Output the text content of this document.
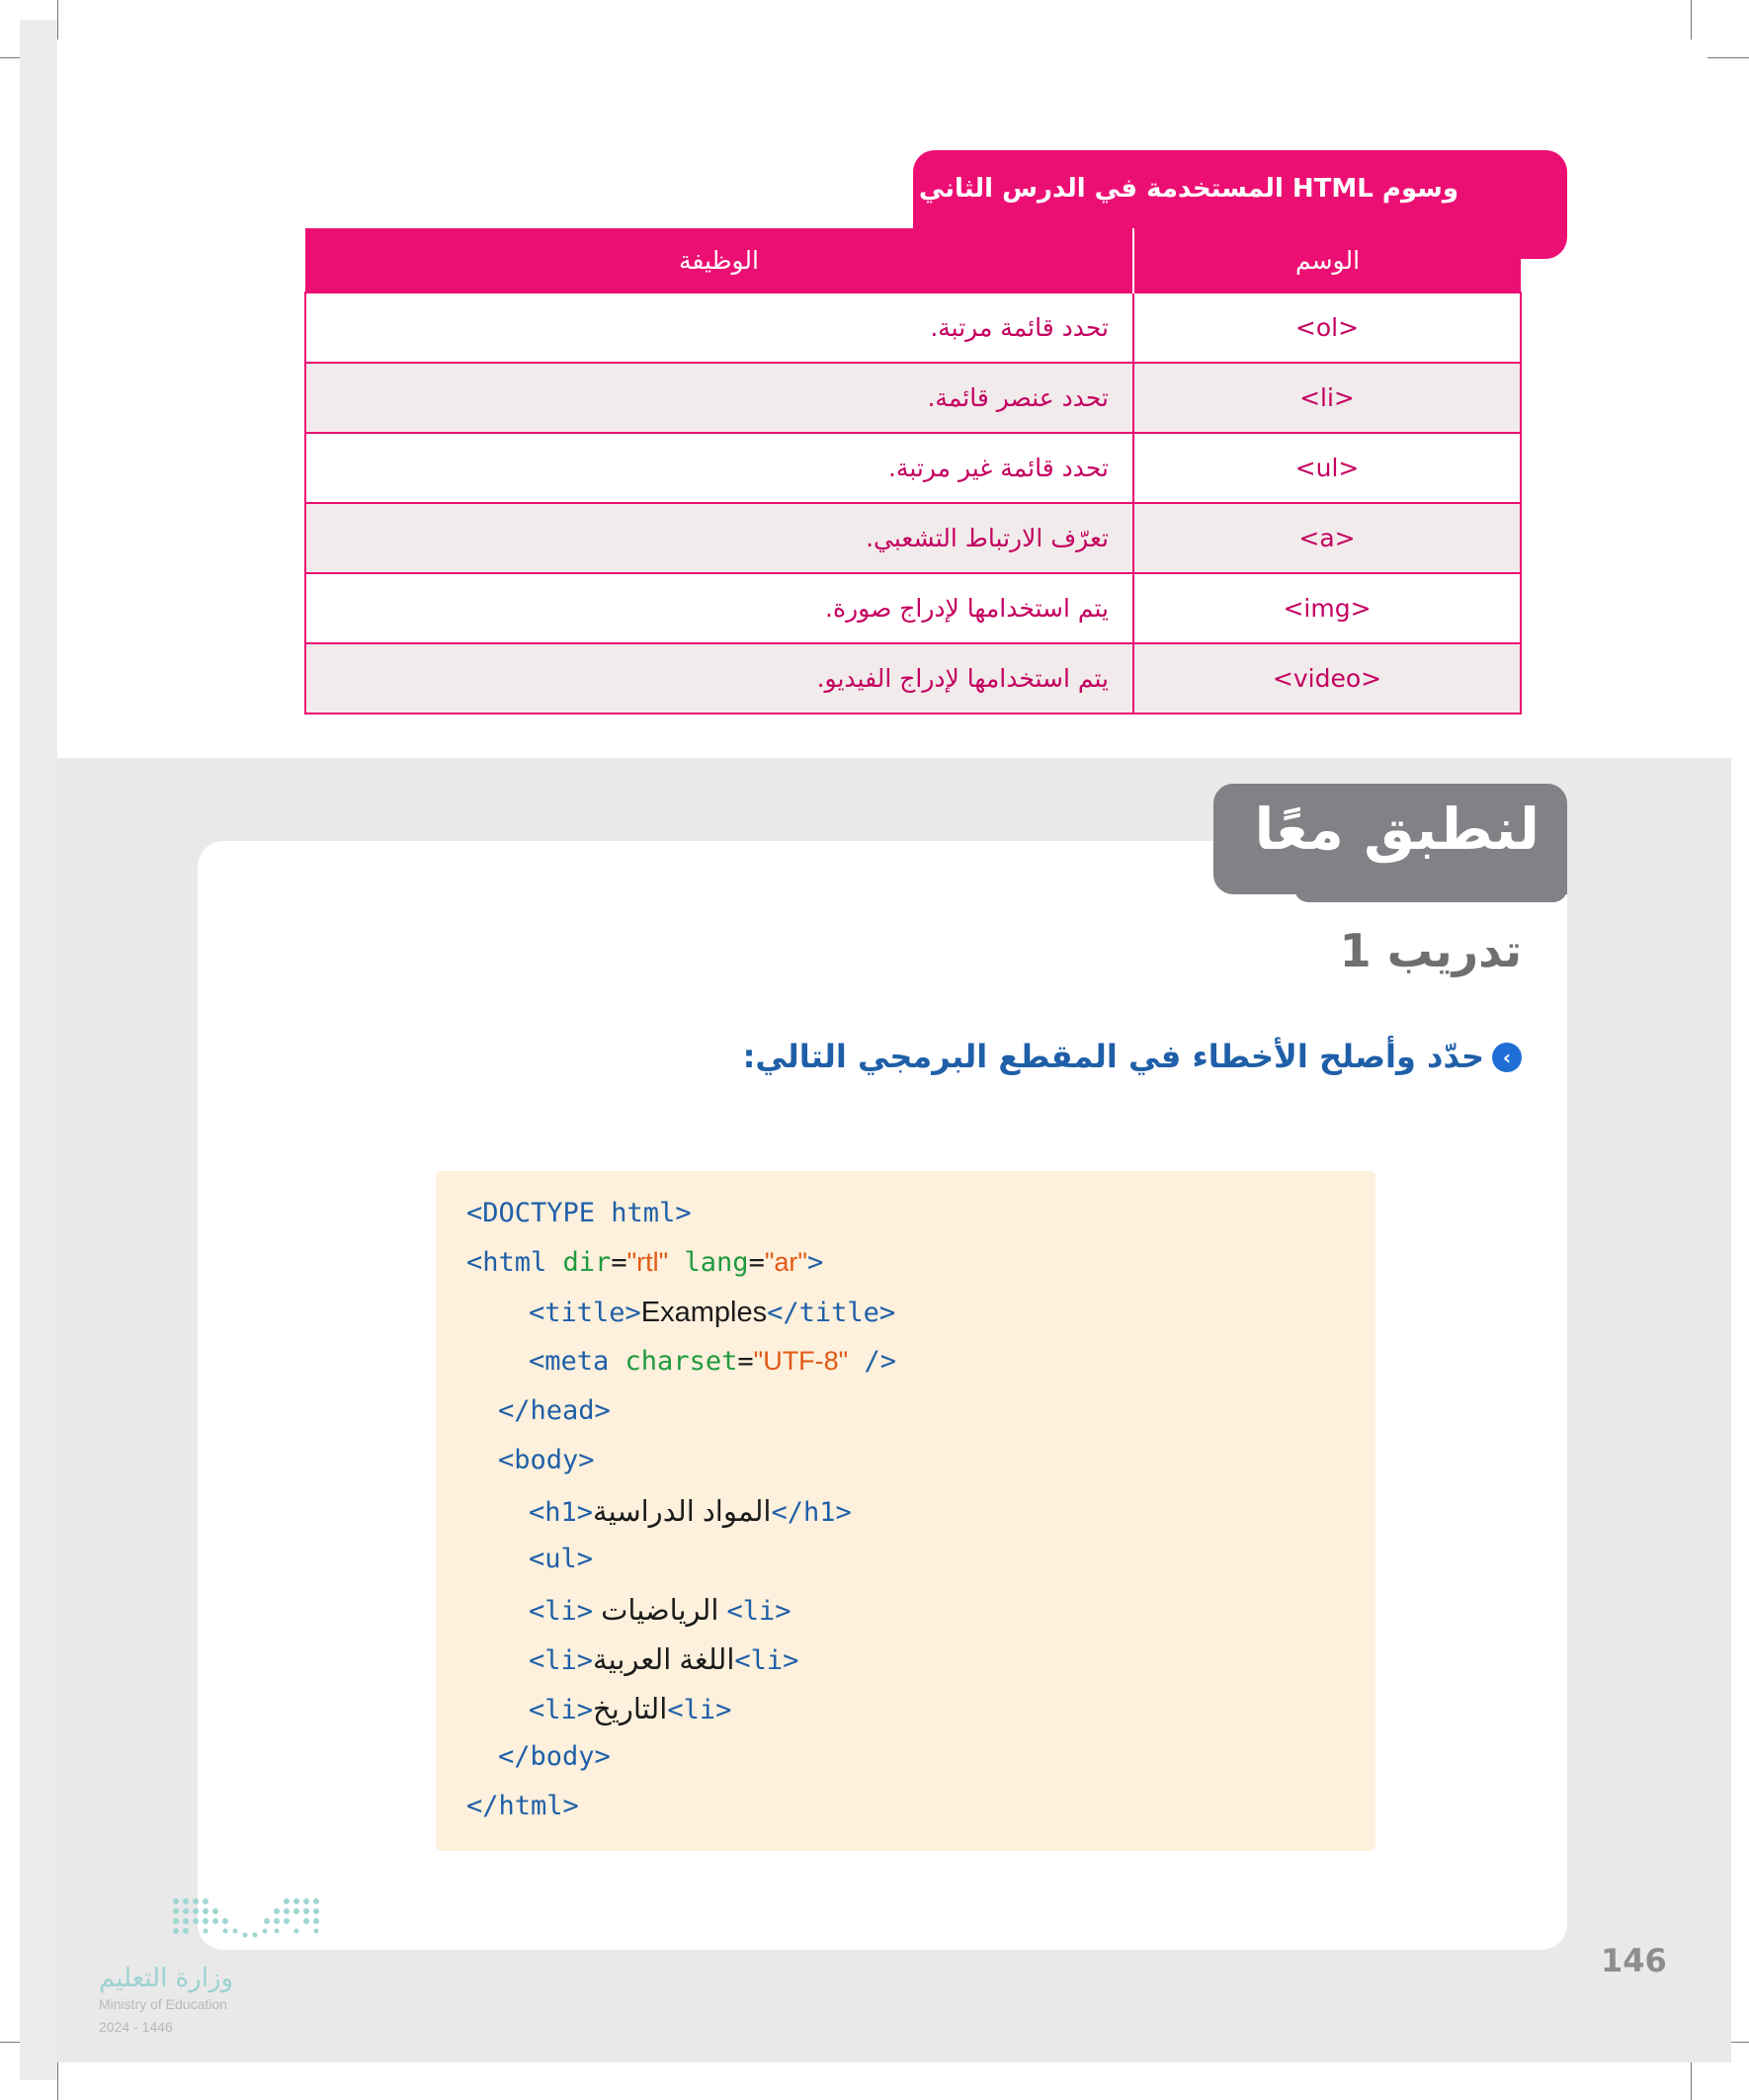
وسوم HTML المستخدمة في الدرس الثاني
الوظيفة	الوسم
تحدد قائمة مرتبة.	<ol>
تحدد عنصر قائمة.	<li>
تحدد قائمة غير مرتبة.	<ul>
تعرّف الارتباط التشعبي.	<a>
يتم استخدامها لإدراج صورة.	<img>
يتم استخدامها لإدراج الفيديو.	<video>
لنطبق معًا
تدريب 1
‹
حدّد وأصلح الأخطاء في المقطع البرمجي التالي:
<DOCTYPE html>
<html dir="rtl" lang="ar">
<title>Examples</title>
<meta charset="UTF-8" />
</head>
<body>
<h1>المواد الدراسية</h1>
<ul>
<li> الرياضيات <li>
<li>اللغة العربية<li>
<li>التاريخ<li>
</body>
</html>
146
وزارة التعليم
Ministry of Education
2024 - 1446
